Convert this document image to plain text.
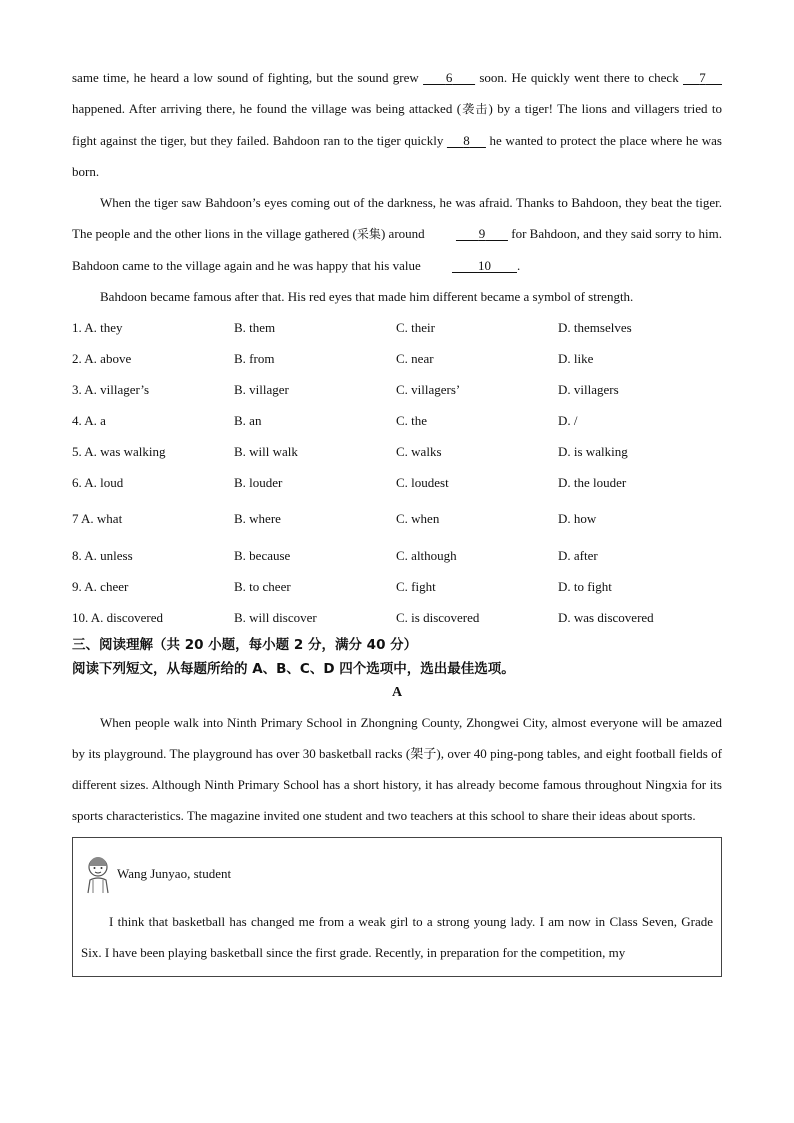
same time, he heard a low sound of fighting, but the sound grew        6        soon. He quickly went there to check      7      happened. After arriving there, he found the village was being attacked (袭击) by a tiger! The lions and villagers tried to fight against the tiger, but they failed. Bahdoon ran to the tiger quickly      8      he wanted to protect the place where he was born.

When the tiger saw Bahdoon’s eyes coming out of the darkness, he was afraid. Thanks to Bahdoon, they beat the tiger. The people and the other lions in the village gathered (采集) around	9        for Bahdoon, and they said sorry to him. Bahdoon came to the village again and he was happy that his value	10 .

Bahdoon became famous after that. His red eyes that made him different became a symbol of strength.

1. A. they	B. them	C. their	D. themselves
2. A. above	B. from	C. near	D. like
3. A. villager’s	B. villager	C. villagers’	D. villagers
4. A. a	B. an	C. the	D. /
5. A. was walking	B. will walk	C. walks	D. is walking
6. A. loud	B. louder	C. loudest	D. the louder
7 A. what	B. where	C. when	D. how
8. A. unless	B. because	C. although	D. after
9. A. cheer	B. to cheer	C. fight	D. to fight
10. A. discovered	B. will discover	C. is discovered	D. was discovered

三、阅读理解（共 20 小题，每小题 2 分，满分 40 分）

阅读下列短文，从每题所给的 A、B、C、D 四个选项中，选出最佳选项。

A

When people walk into Ninth Primary School in Zhongning County, Zhongwei City, almost everyone will be amazed by its playground. The playground has over 30 basketball racks (架子), over 40 ping-pong tables, and eight football fields of different sizes. Although Ninth Primary School has a short history, it has already become famous throughout Ningxia for its sports characteristics. The magazine invited one student and two teachers at this school to share their ideas about sports.

Wang Junyao, student

I think that basketball has changed me from a weak girl to a strong young lady. I am now in Class Seven, Grade Six. I have been playing basketball since the first grade. Recently, in preparation for the competition, my
